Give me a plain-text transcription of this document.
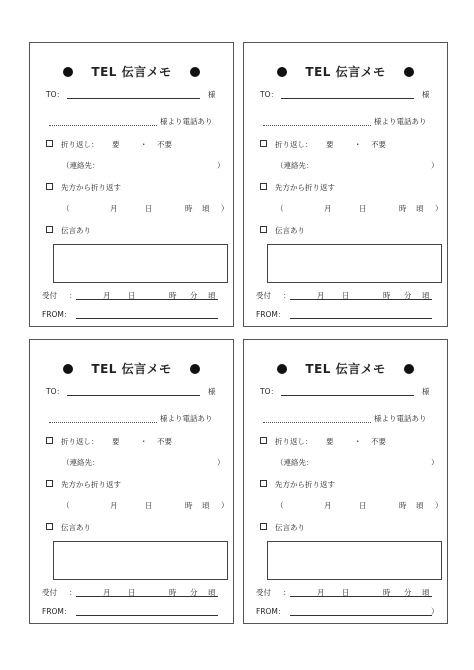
TEL 伝言メモ
TO：	様
様より電話あり
折り返し： 要	・ 不要
（連絡先：	）
先方から折り返す
（	月	日	時 頃 ）
伝言あり
受付 ：	月 日	時 分 頃
FROM：
TEL 伝言メモ
TO：	様
様より電話あり
折り返し： 要	・ 不要
（連絡先：	）
先方から折り返す
（	月	日	時 頃 ）
伝言あり
受付 ：	月 日	時 分 頃
FROM：
TEL 伝言メモ
TO：	様
様より電話あり
折り返し： 要	・ 不要
（連絡先：	）
先方から折り返す
（	月	日	時 頃 ）
伝言あり
受付 ：	月 日	時 分 頃
FROM：
TEL 伝言メモ
TO：	様
様より電話あり
折り返し： 要	・ 不要
（連絡先：	）
先方から折り返す
（	月	日	時 頃 ）
伝言あり
受付 ：	月 日	時 分 頃
FROM：	）
